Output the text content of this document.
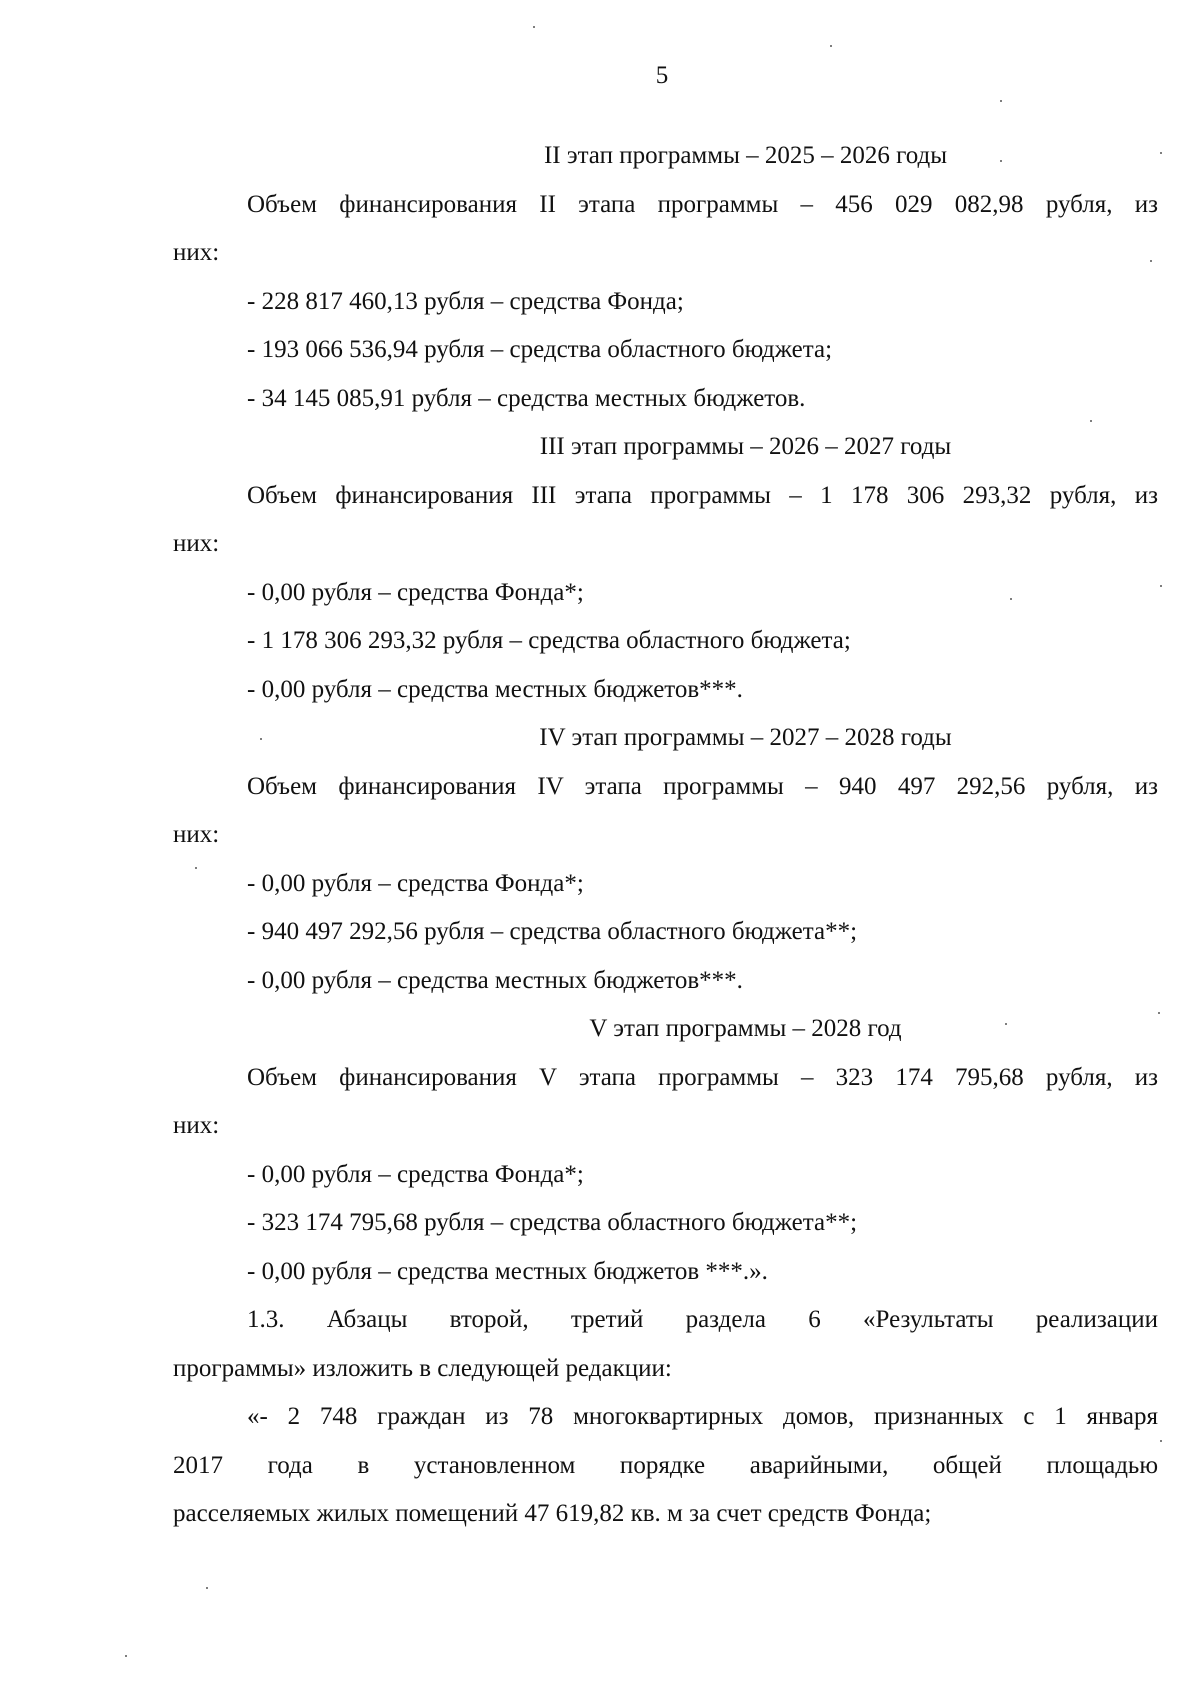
5
II этап программы – 2025 – 2026 годы
Объем финансирования II этапа программы – 456 029 082,98 рубля, из
них:
- 228 817 460,13 рубля – средства Фонда;
- 193 066 536,94 рубля – средства областного бюджета;
- 34 145 085,91 рубля – средства местных бюджетов.
III этап программы – 2026 – 2027 годы
Объем финансирования III этапа программы – 1 178 306 293,32 рубля, из
них:
- 0,00 рубля – средства Фонда*;
- 1 178 306 293,32 рубля – средства областного бюджета;
- 0,00 рубля – средства местных бюджетов***.
IV этап программы – 2027 – 2028 годы
Объем финансирования IV этапа программы – 940 497 292,56 рубля, из
них:
- 0,00 рубля – средства Фонда*;
- 940 497 292,56 рубля – средства областного бюджета**;
- 0,00 рубля – средства местных бюджетов***.
V этап программы – 2028 год
Объем финансирования V этапа программы – 323 174 795,68 рубля, из
них:
- 0,00 рубля – средства Фонда*;
- 323 174 795,68 рубля – средства областного бюджета**;
- 0,00 рубля – средства местных бюджетов ***.».
1.3. Абзацы второй, третий раздела 6 «Результаты реализации
программы» изложить в следующей редакции:
«- 2 748 граждан из 78 многоквартирных домов, признанных с 1 января
2017 года в установленном порядке аварийными, общей площадью
расселяемых жилых помещений 47 619,82 кв. м за счет средств Фонда;
